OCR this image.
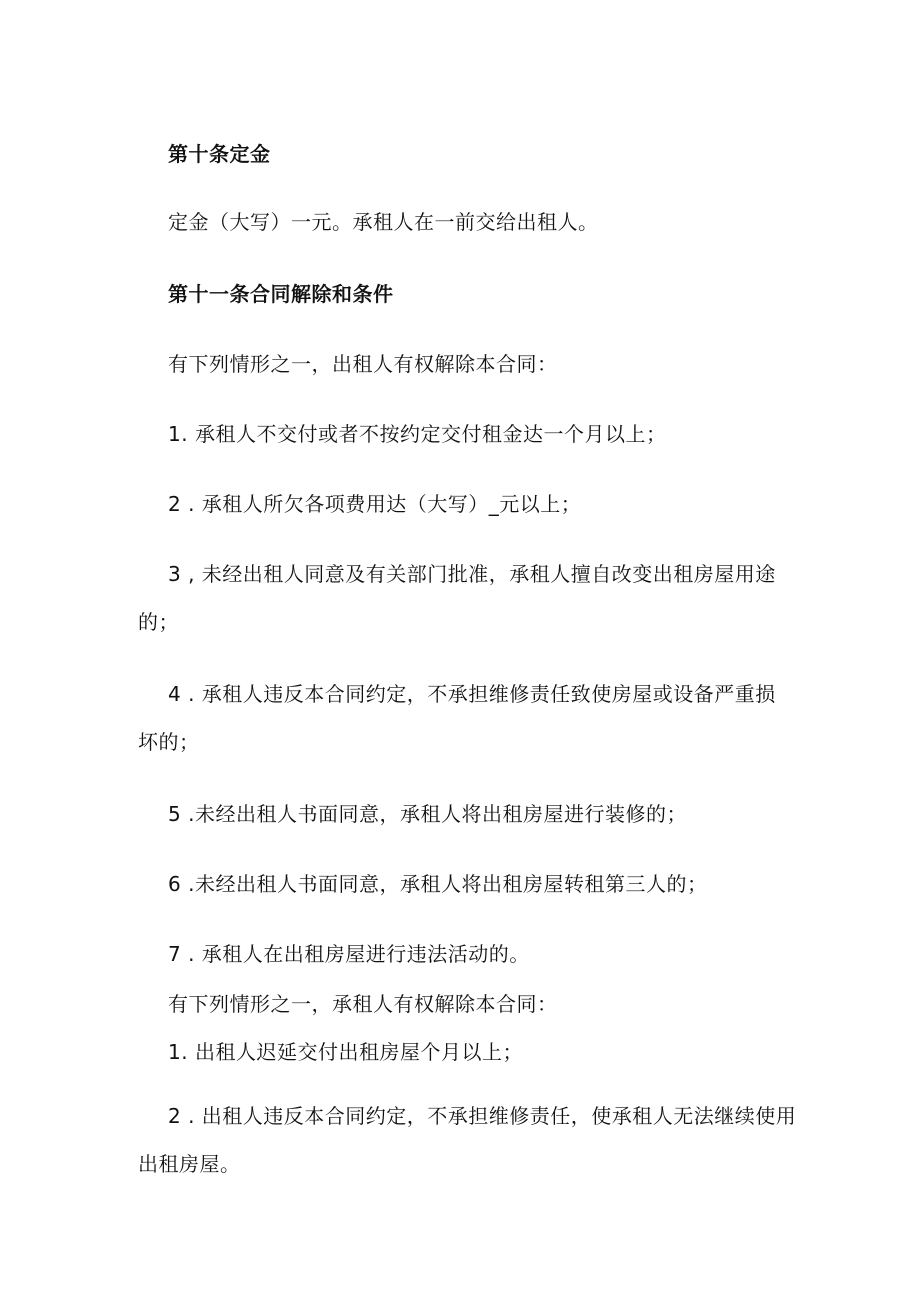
第十条定金
定金（大写）一元。承租人在一前交给出租人。
第十一条合同解除和条件
有下列情形之一，出租人有权解除本合同：
1. 承租人不交付或者不按约定交付租金达一个月以上；
2 . 承租人所欠各项费用达（大写）_元以上；
3 , 未经出租人同意及有关部门批准，承租人擅自改变出租房屋用途
的；
4 . 承租人违反本合同约定，不承担维修责任致使房屋或设备严重损
坏的；
5 .未经出租人书面同意，承租人将出租房屋进行装修的；
6 .未经出租人书面同意，承租人将出租房屋转租第三人的；
7 . 承租人在出租房屋进行违法活动的。
有下列情形之一，承租人有权解除本合同：
1. 出租人迟延交付出租房屋个月以上；
2 . 出租人违反本合同约定，不承担维修责任，使承租人无法继续使用
出租房屋。
